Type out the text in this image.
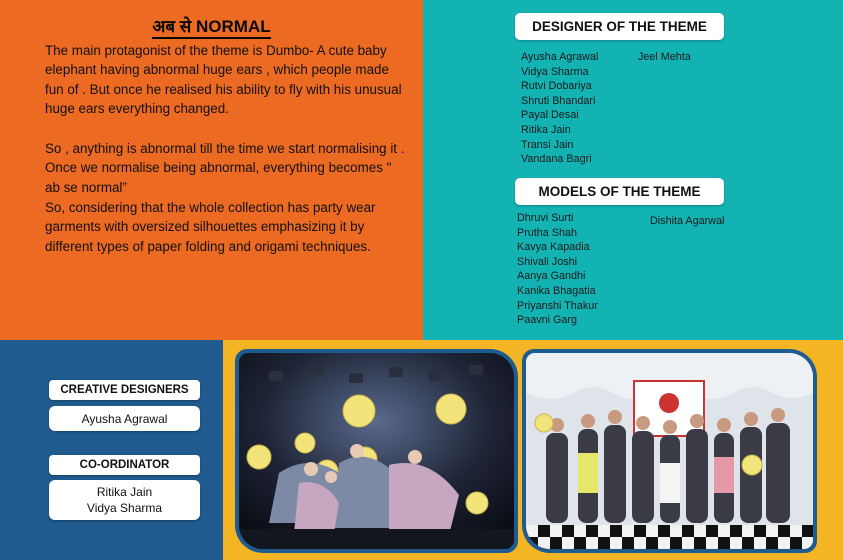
अब से NORMAL

The main protagonist of the theme is Dumbo- A cute baby elephant having abnormal huge ears , which people made fun of . But once he realised his ability to fly with his unusual huge ears everything changed.

So , anything is abnormal till the time we start normalising it . Once we normalise being abnormal, everything becomes " ab se normal”

So, considering that the whole collection has party wear garments with oversized silhouettes emphasizing it by different types of paper folding and origami techniques.

DESIGNER OF THE THEME
Ayusha Agrawal
Vidya Sharma
Rutvi Dobariya
Shruti Bhandari
Payal Desai
Ritika Jain
Transi Jain
Vandana Bagri
Jeel Mehta
MODELS OF THE THEME
Dhruvi Surti
Prutha Shah
Kavya Kapadia
Shivali Joshi
Aanya Gandhi
Kanika Bhagatia
Priyanshi Thakur
Paavni Garg
Dishita Agarwal
CREATIVE DESIGNERS
Ayusha Agrawal
CO-ORDINATOR
Ritika Jain
Vidya Sharma
